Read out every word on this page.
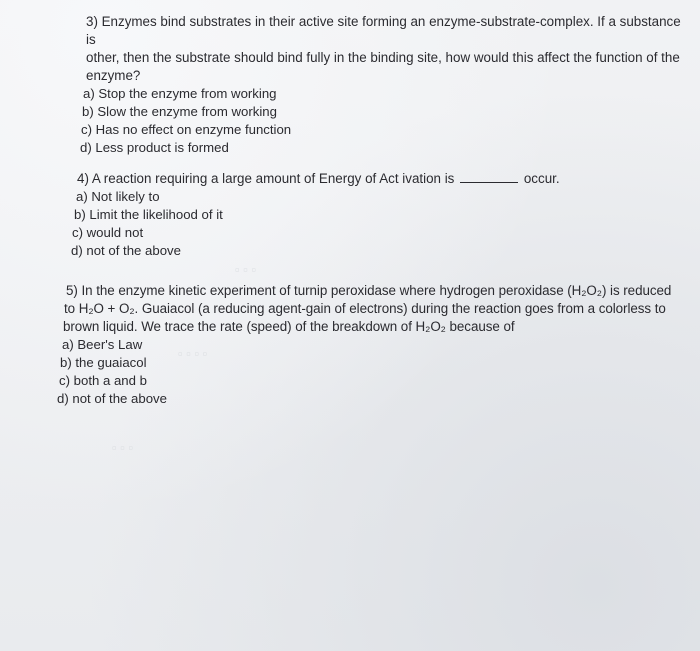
▫ ▫ ▫
▫ ▫ ▫ ▫
▫ ▫ ▫

3) Enzymes bind substrates in their active site forming an enzyme-substrate-complex. If a substance is

other, then the substrate should bind fully in the binding site, how would this affect the function of the

enzyme?

a) Stop the enzyme from working

b) Slow the enzyme from working

c) Has no effect on enzyme function

d) Less product is formed

4) A reaction requiring a large amount of Energy of Act ivation is	occur.

a) Not likely to

b) Limit the likelihood of it

c) would not

d) not of the above

5) In the enzyme kinetic experiment of turnip peroxidase where hydrogen peroxidase (H₂O₂) is reduced

to H₂O + O₂. Guaiacol (a reducing agent-gain of electrons) during the reaction goes from a colorless to

brown liquid. We trace the rate (speed) of the breakdown of H₂O₂ because of

a) Beer's Law

b) the guaiacol

c) both a and b

d) not of the above
